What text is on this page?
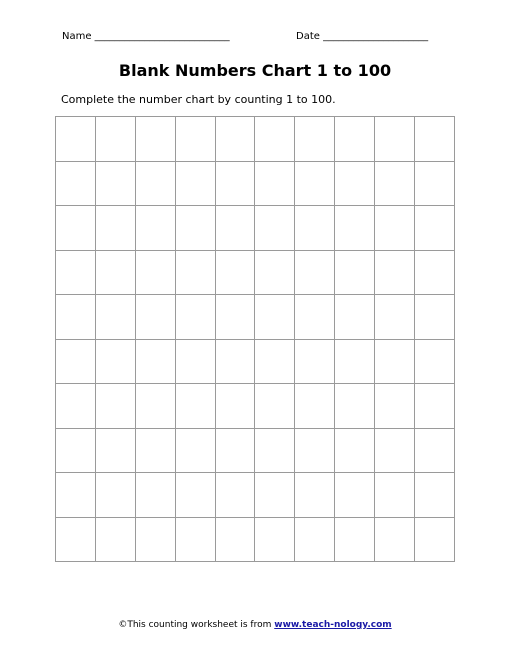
Name ___________________________	Date _____________________
Blank Numbers Chart 1 to 100
Complete the number chart by counting 1 to 100.

©This counting worksheet is from www.teach-nology.com
